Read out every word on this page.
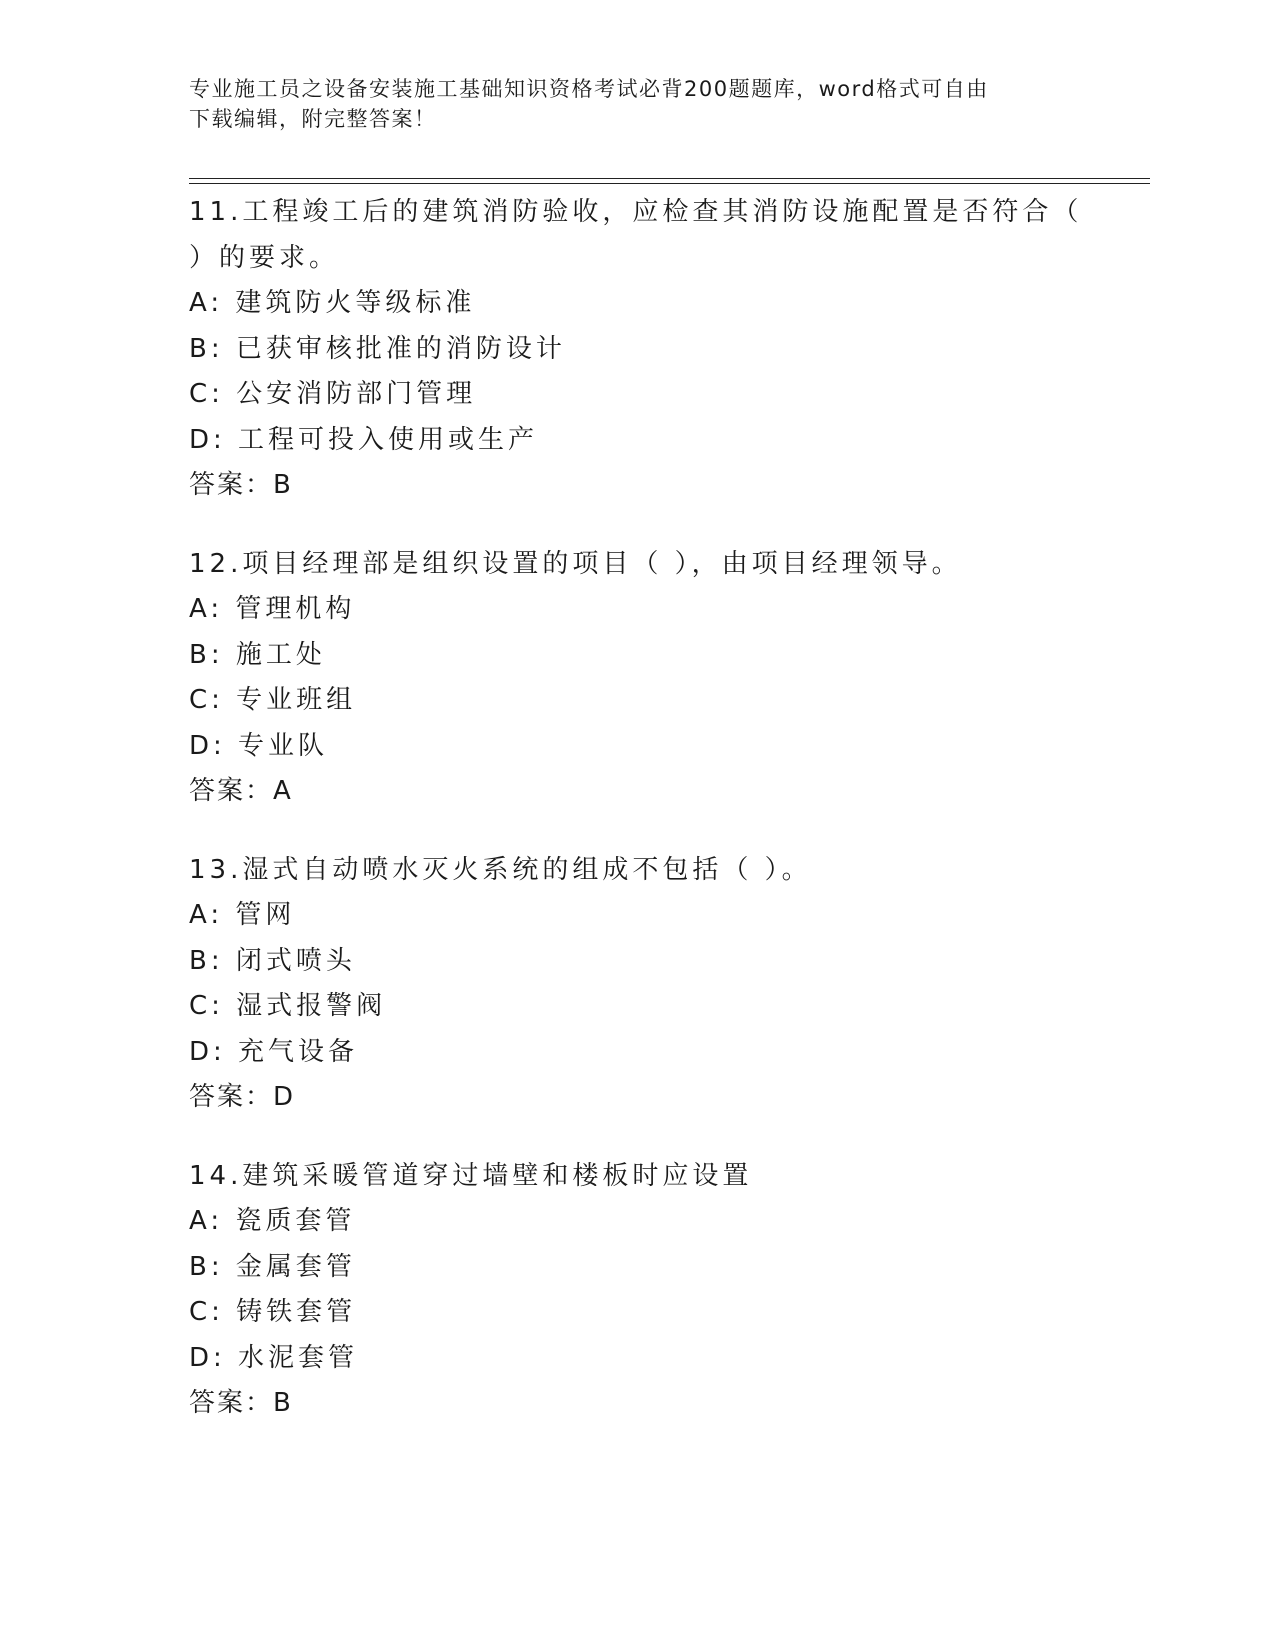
专业施工员之设备安装施工基础知识资格考试必背200题题库，word格式可自由
下载编辑，附完整答案！
11.工程竣工后的建筑消防验收，应检查其消防设施配置是否符合（
）的要求。
A: 建筑防火等级标准
B: 已获审核批准的消防设计
C: 公安消防部门管理
D: 工程可投入使用或生产
答案：B
12.项目经理部是组织设置的项目（ ），由项目经理领导。
A: 管理机构
B: 施工处
C: 专业班组
D: 专业队
答案：A
13.湿式自动喷水灭火系统的组成不包括（ ）。
A: 管网
B: 闭式喷头
C: 湿式报警阀
D: 充气设备
答案：D
14.建筑采暖管道穿过墙壁和楼板时应设置
A: 瓷质套管
B: 金属套管
C: 铸铁套管
D: 水泥套管
答案：B
